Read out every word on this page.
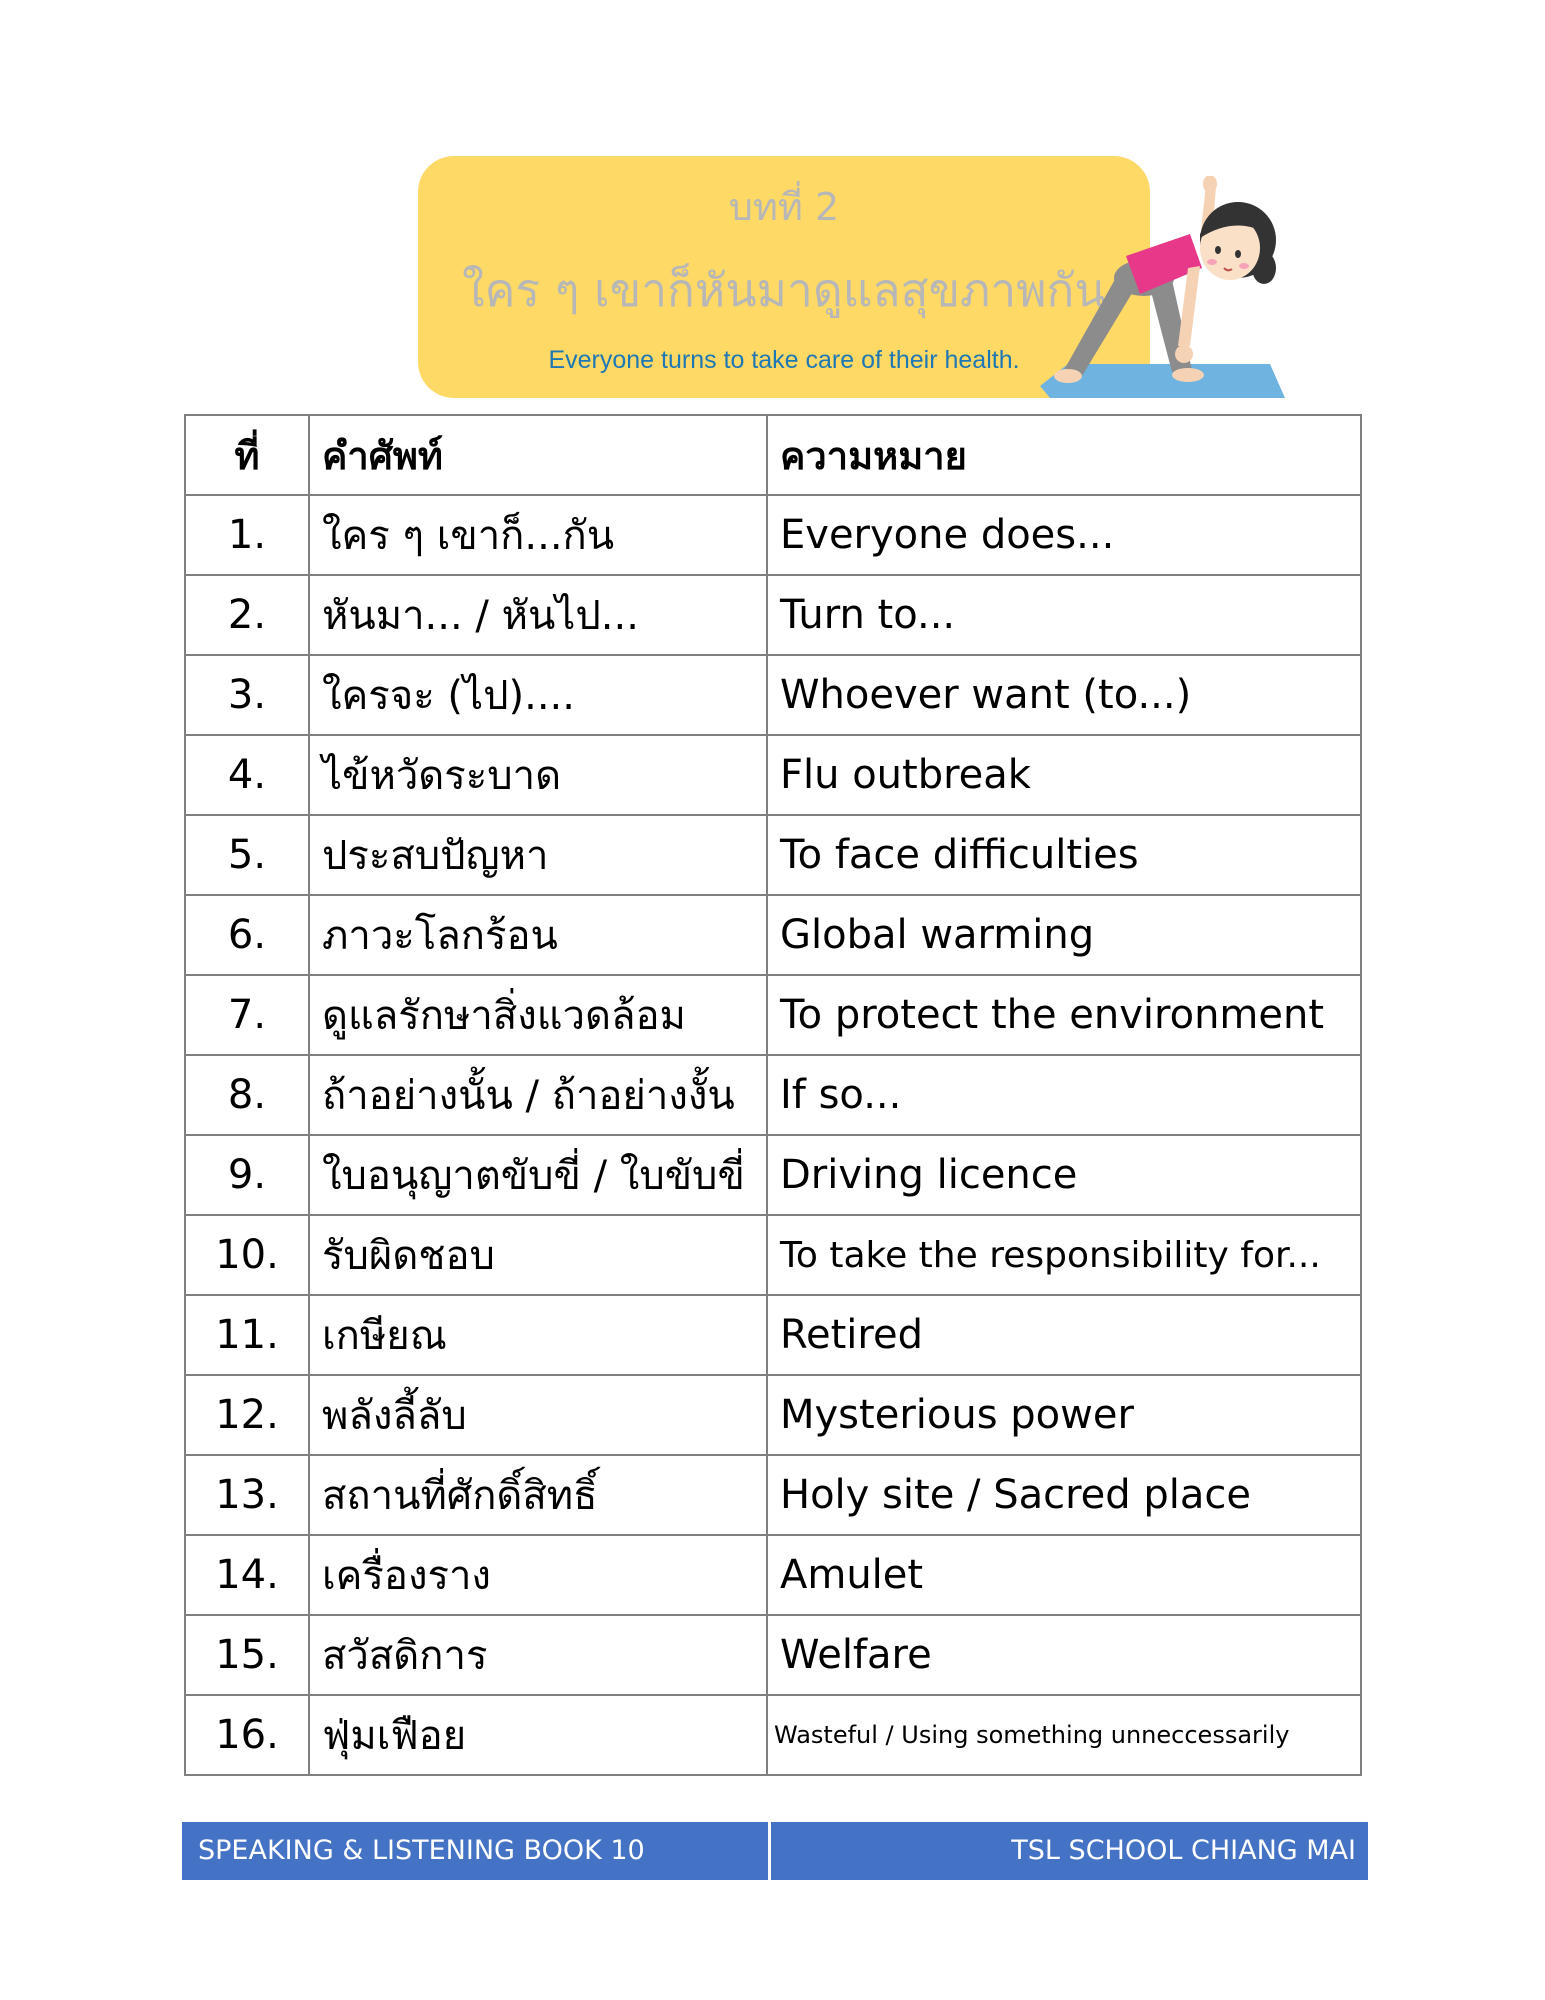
บทที่ 2
ใคร ๆ เขาก็หันมาดูแลสุขภาพกัน
Everyone turns to take care of their health.
ที่	คำศัพท์	ความหมาย
1.	ใคร ๆ เขาก็...กัน	Everyone does...
2.	หันมา... / หันไป...	Turn to...
3.	ใครจะ (ไป)....	Whoever want (to...)
4.	ไข้หวัดระบาด	Flu outbreak
5.	ประสบปัญหา	To face difficulties
6.	ภาวะโลกร้อน	Global warming
7.	ดูแลรักษาสิ่งแวดล้อม	To protect the environment
8.	ถ้าอย่างนั้น / ถ้าอย่างงั้น	If so...
9.	ใบอนุญาตขับขี่ / ใบขับขี่	Driving licence
10.	รับผิดชอบ	To take the responsibility for...
11.	เกษียณ	Retired
12.	พลังลี้ลับ	Mysterious power
13.	สถานที่ศักดิ์สิทธิ์	Holy site / Sacred place
14.	เครื่องราง	Amulet
15.	สวัสดิการ	Welfare
16.	ฟุ่มเฟือย	Wasteful / Using something unneccessarily
SPEAKING & LISTENING BOOK 10	TSL SCHOOL CHIANG MAI
